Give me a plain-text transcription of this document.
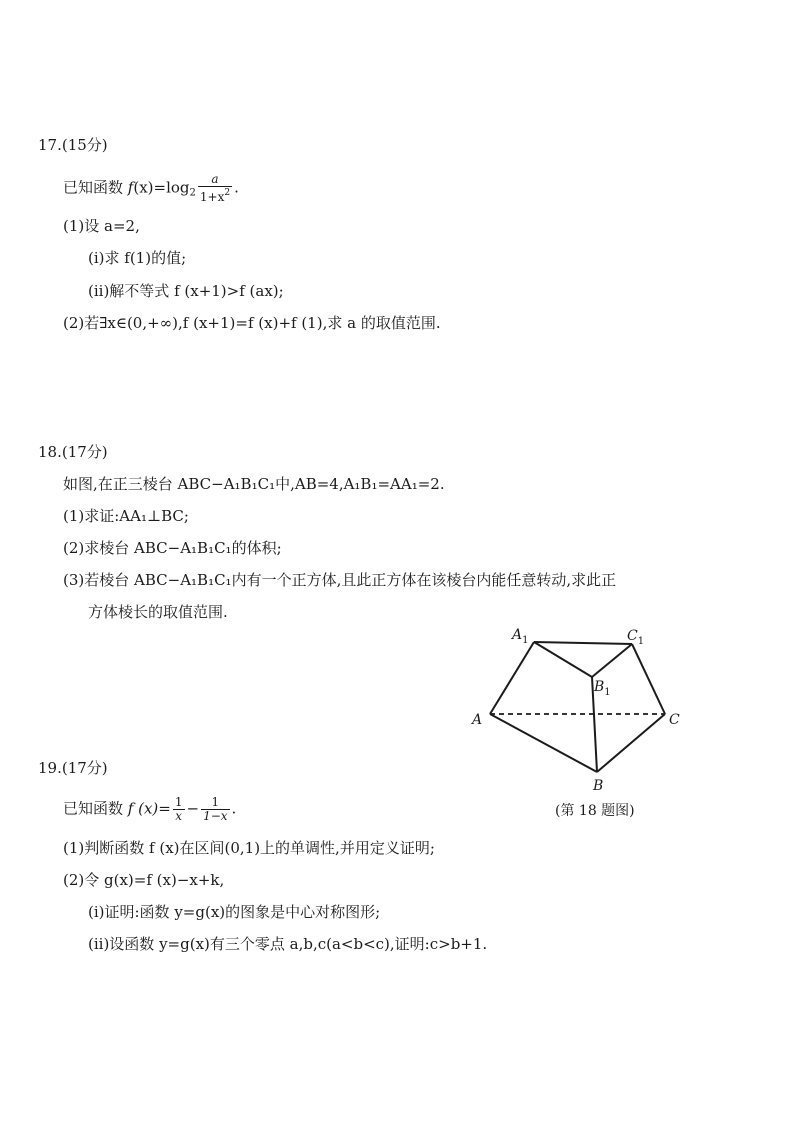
17.(15分)
已知函数 $f(x)=\log_2 \frac{a}{1+x^2}$ .
(1)设 a=2,
(i)求 f(1)的值;
(ii)解不等式 f (x+1)>f (ax);
(2)若∃x∈(0,+∞),f (x+1)=f (x)+f (1),求 a 的取值范围.
18.(17分)
如图,在正三棱台 ABC−A₁B₁C₁中,AB=4,A₁B₁=AA₁=2.
(1)求证:AA₁⊥BC;
(2)求棱台 ABC−A₁B₁C₁的体积;
(3)若棱台 ABC−A₁B₁C₁内有一个正方体,且此正方体在该棱台内能任意转动,求此正
方体棱长的取值范围.
$A_1$	$C_1$
$B_1$
A	C
B
(第 18 题图)
19.(17分)
已知函数 f $(x)= \frac{1}{x} - \frac{1}{1-x}$ .
(1)判断函数 f (x)在区间(0,1)上的单调性,并用定义证明;
(2)令 g(x)=f (x)−x+k,
(i)证明:函数 y=g(x)的图象是中心对称图形;
(ii)设函数 y=g(x)有三个零点 a,b,c(a<b<c),证明:c>b+1.
